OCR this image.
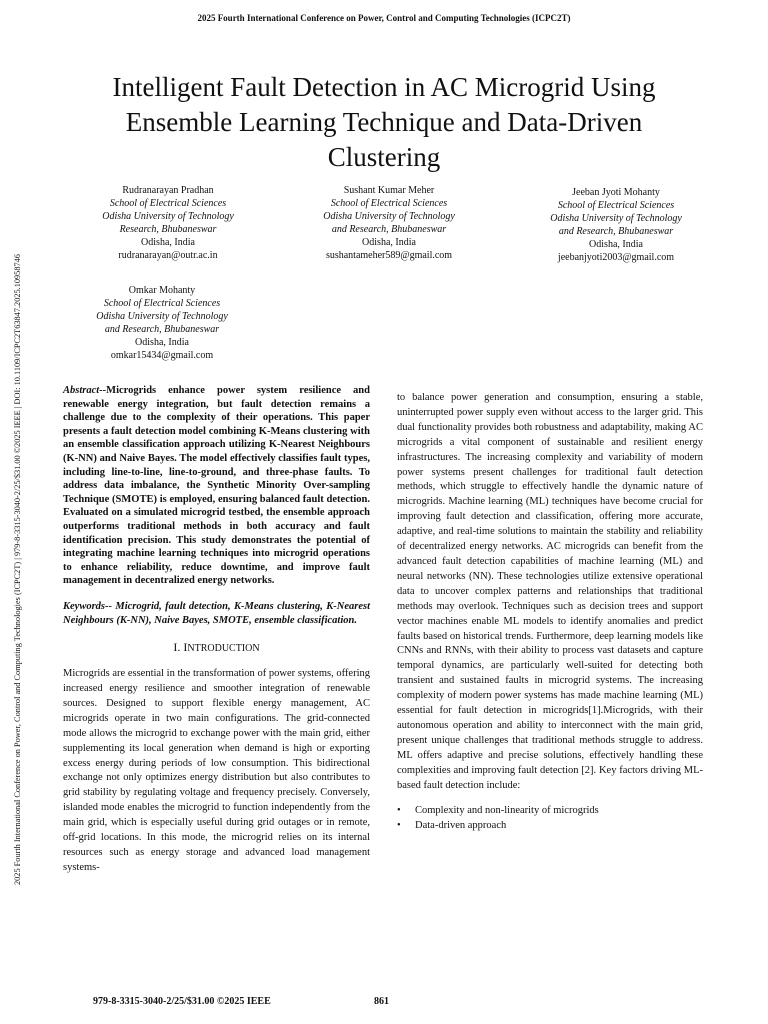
2025 Fourth International Conference on Power, Control and Computing Technologies (ICPC2T)
Intelligent Fault Detection in AC Microgrid Using
Ensemble Learning Technique and Data-Driven
Clustering
Rudranarayan Pradhan
School of Electrical Sciences
Odisha University of Technology
Research, Bhubaneswar
Odisha, India
rudranarayan@outr.ac.in
Sushant Kumar Meher
School of Electrical Sciences
Odisha University of Technology
and Research, Bhubaneswar
Odisha, India
sushantameher589@gmail.com
Jeeban Jyoti Mohanty
School of Electrical Sciences
Odisha University of Technology
and Research, Bhubaneswar
Odisha, India
jeebanjyoti2003@gmail.com
Omkar Mohanty
School of Electrical Sciences
Odisha University of Technology
and Research, Bhubaneswar
Odisha, India
omkar15434@gmail.com
2025 Fourth International Conference on Power, Control and Computing Technologies (ICPC2T) | 979-8-3315-3040-2/25/$31.00 ©2025 IEEE | DOI: 10.1109/ICPC2T63847.2025.10958746	Abstract--Microgrids enhance power system resilience and renewable energy integration, but fault detection remains a challenge due to the complexity of their operations. This paper presents a fault detection model combining K-Means clustering with an ensemble classification approach utilizing K-Nearest Neighbours (K-NN) and Naive Bayes. The model effectively classifies fault types, including line-to-line, line-to-ground, and three-phase faults. To address data imbalance, the Synthetic Minority Over-sampling Technique (SMOTE) is employed, ensuring balanced fault detection. Evaluated on a simulated microgrid testbed, the ensemble approach outperforms traditional methods in both accuracy and fault identification precision. This study demonstrates the potential of integrating machine learning techniques into microgrid operations to enhance reliability, reduce downtime, and improve fault management in decentralized energy networks.

Keywords-- Microgrid, fault detection, K-Means clustering, K-Nearest Neighbours (K-NN), Naive Bayes, SMOTE, ensemble classification.

I. INTRODUCTION

Microgrids are essential in the transformation of power systems, offering increased energy resilience and smoother integration of renewable sources. Designed to support flexible energy management, AC microgrids operate in two main configurations. The grid-connected mode allows the microgrid to exchange power with the main grid, either supplementing its local generation when demand is high or exporting excess energy during periods of low consumption. This bidirectional exchange not only optimizes energy distribution but also contributes to grid stability by regulating voltage and frequency precisely. Conversely, islanded mode enables the microgrid to function independently from the main grid, which is especially useful during grid outages or in remote, off-grid locations. In this mode, the microgrid relies on its internal resources such as energy storage and advanced load management systems-

to balance power generation and consumption, ensuring a stable, uninterrupted power supply even without access to the larger grid. This dual functionality provides both robustness and adaptability, making AC microgrids a vital component of sustainable and resilient energy infrastructures. The increasing complexity and variability of modern power systems present challenges for traditional fault detection methods, which struggle to effectively handle the dynamic nature of microgrids. Machine learning (ML) techniques have become crucial for improving fault detection and classification, offering more accurate, adaptive, and real-time solutions to maintain the stability and reliability of decentralized energy networks. AC microgrids can benefit from the advanced fault detection capabilities of machine learning (ML) and neural networks (NN). These technologies utilize extensive operational data to uncover complex patterns and relationships that traditional methods may overlook. Techniques such as decision trees and support vector machines enable ML models to identify anomalies and predict faults based on historical trends. Furthermore, deep learning models like CNNs and RNNs, with their ability to process vast datasets and capture temporal dynamics, are particularly well-suited for detecting both transient and sustained faults in microgrid systems. The increasing complexity of modern power systems has made machine learning (ML) essential for fault detection in microgrids[1].Microgrids, with their autonomous operation and ability to interconnect with the main grid, present unique challenges that traditional methods struggle to address. ML offers adaptive and precise solutions, effectively handling these complexities and improving fault detection [2]. Key factors driving ML-based fault detection include:

• Complexity and non-linearity of microgrids
• Data-driven approach
979-8-3315-3040-2/25/$31.00 ©2025 IEEE	861
